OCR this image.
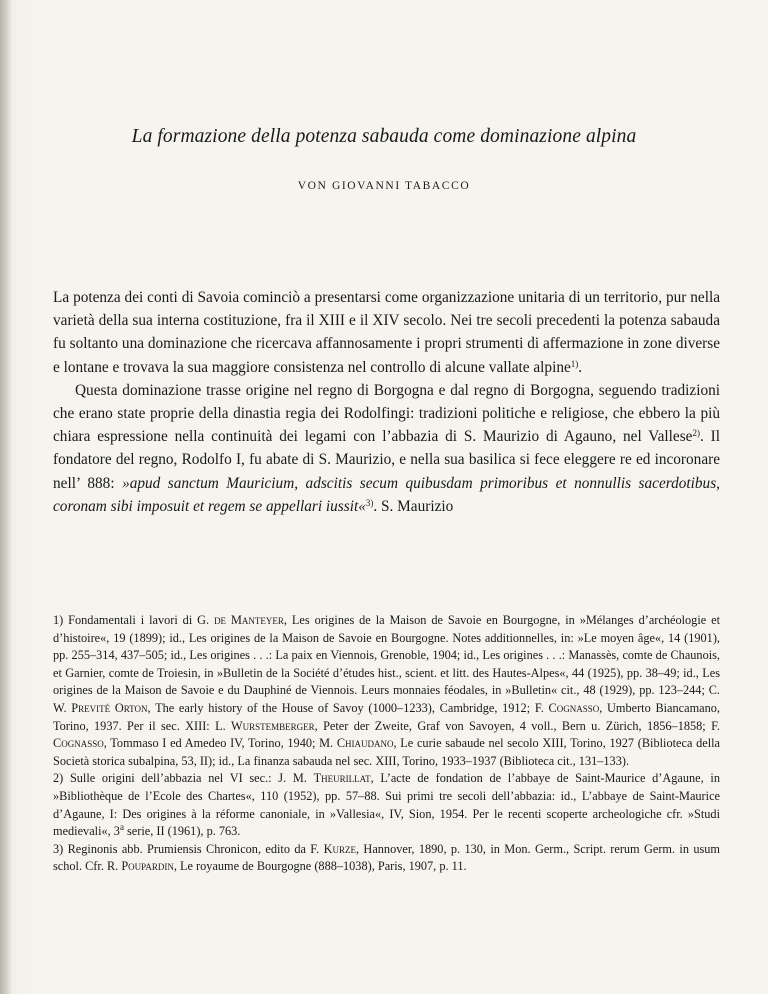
La formazione della potenza sabauda come dominazione alpina
VON GIOVANNI TABACCO

La potenza dei conti di Savoia cominciò a presentarsi come organizzazione unitaria di un territorio, pur nella varietà della sua interna costituzione, fra il XIII e il XIV secolo. Nei tre secoli precedenti la potenza sabauda fu soltanto una dominazione che ricercava affannosamente i propri strumenti di affermazione in zone diverse e lontane e trovava la sua maggiore consistenza nel controllo di alcune vallate alpine$^{1)}$.

Questa dominazione trasse origine nel regno di Borgogna e dal regno di Borgogna, seguendo tradizioni che erano state proprie della dinastia regia dei Rodolfingi: tradizioni politiche e religiose, che ebbero la più chiara espressione nella continuità dei legami con l’abbazia di S. Maurizio di Agauno, nel Vallese$^{2)}$. Il fondatore del regno, Rodolfo I, fu abate di S. Maurizio, e nella sua basilica si fece eleggere re ed incoronare nell’ 888: »apud sanctum Mauricium, adscitis secum quibusdam primoribus et nonnullis sacerdotibus, coronam sibi imposuit et regem se appellari iussit«$^{3)}$. S. Maurizio

1) Fondamentali i lavori di G. de Manteyer, Les origines de la Maison de Savoie en Bourgogne, in »Mélanges d’archéologie et d’histoire«, 19 (1899); id., Les origines de la Maison de Savoie en Bourgogne. Notes additionnelles, in: »Le moyen âge«, 14 (1901), pp. 255–314, 437–505; id., Les origines . . .: La paix en Viennois, Grenoble, 1904; id., Les origines . . .: Manassès, comte de Chaunois, et Garnier, comte de Troiesin, in »Bulletin de la Société d’études hist., scient. et litt. des Hautes-Alpes«, 44 (1925), pp. 38–49; id., Les origines de la Maison de Savoie e du Dauphiné de Viennois. Leurs monnaies féodales, in »Bulletin« cit., 48 (1929), pp. 123–244; C. W. Previté Orton, The early history of the House of Savoy (1000–1233), Cambridge, 1912; F. Cognasso, Umberto Biancamano, Torino, 1937. Per il sec. XIII: L. Wurstemberger, Peter der Zweite, Graf von Savoyen, 4 voll., Bern u. Zürich, 1856–1858; F. Cognasso, Tommaso I ed Amedeo IV, Torino, 1940; M. Chiaudano, Le curie sabaude nel secolo XIII, Torino, 1927 (Biblioteca della Società storica subalpina, 53, II); id., La finanza sabauda nel sec. XIII, Torino, 1933–1937 (Biblioteca cit., 131–133).

2) Sulle origini dell’abbazia nel VI sec.: J. M. Theurillat, L’acte de fondation de l’abbaye de Saint-Maurice d’Agaune, in »Bibliothèque de l’Ecole des Chartes«, 110 (1952), pp. 57–88. Sui primi tre secoli dell’abbazia: id., L’abbaye de Saint-Maurice d’Agaune, I: Des origines à la réforme canoniale, in »Vallesia«, IV, Sion, 1954. Per le recenti scoperte archeologiche cfr. »Studi medievali«, 3$^a$ serie, II (1961), p. 763.

3) Reginonis abb. Prumiensis Chronicon, edito da F. Kurze, Hannover, 1890, p. 130, in Mon. Germ., Script. rerum Germ. in usum schol. Cfr. R. Poupardin, Le royaume de Bourgogne (888–1038), Paris, 1907, p. 11.
